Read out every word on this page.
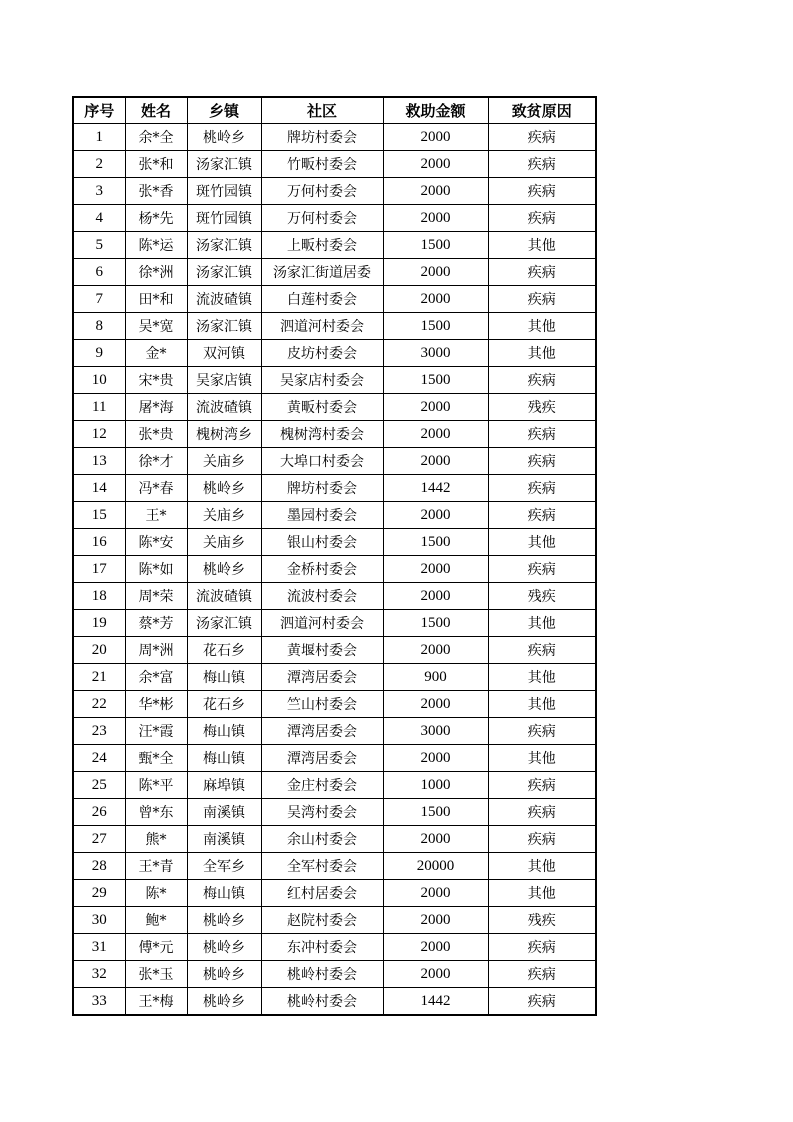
序号	姓名	乡镇	社区	救助金额	致贫原因
1	余*全	桃岭乡	牌坊村委会	2000	疾病
2	张*和	汤家汇镇	竹畈村委会	2000	疾病
3	张*香	斑竹园镇	万何村委会	2000	疾病
4	杨*先	斑竹园镇	万何村委会	2000	疾病
5	陈*运	汤家汇镇	上畈村委会	1500	其他
6	徐*洲	汤家汇镇	汤家汇街道居委	2000	疾病
7	田*和	流波碴镇	白莲村委会	2000	疾病
8	吴*宽	汤家汇镇	泗道河村委会	1500	其他
9	金*	双河镇	皮坊村委会	3000	其他
10	宋*贵	吴家店镇	吴家店村委会	1500	疾病
11	屠*海	流波碴镇	黄畈村委会	2000	残疾
12	张*贵	槐树湾乡	槐树湾村委会	2000	疾病
13	徐*才	关庙乡	大埠口村委会	2000	疾病
14	冯*春	桃岭乡	牌坊村委会	1442	疾病
15	王*	关庙乡	墨园村委会	2000	疾病
16	陈*安	关庙乡	银山村委会	1500	其他
17	陈*如	桃岭乡	金桥村委会	2000	疾病
18	周*荣	流波碴镇	流波村委会	2000	残疾
19	蔡*芳	汤家汇镇	泗道河村委会	1500	其他
20	周*洲	花石乡	黄堰村委会	2000	疾病
21	余*富	梅山镇	潭湾居委会	900	其他
22	华*彬	花石乡	竺山村委会	2000	其他
23	汪*霞	梅山镇	潭湾居委会	3000	疾病
24	甄*全	梅山镇	潭湾居委会	2000	其他
25	陈*平	麻埠镇	金庄村委会	1000	疾病
26	曾*东	南溪镇	吴湾村委会	1500	疾病
27	熊*	南溪镇	余山村委会	2000	疾病
28	王*青	全军乡	全军村委会	20000	其他
29	陈*	梅山镇	红村居委会	2000	其他
30	鲍*	桃岭乡	赵院村委会	2000	残疾
31	傅*元	桃岭乡	东冲村委会	2000	疾病
32	张*玉	桃岭乡	桃岭村委会	2000	疾病
33	王*梅	桃岭乡	桃岭村委会	1442	疾病
